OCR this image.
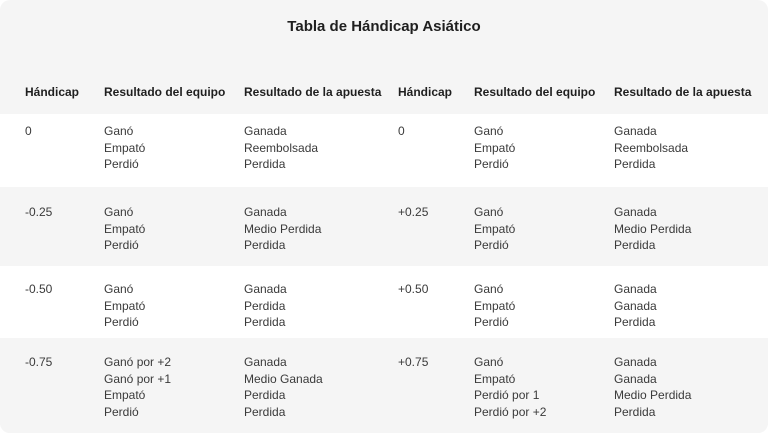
Tabla de Hándicap Asiático
Hándicap	Resultado del equipo	Resultado de la apuesta	Hándicap	Resultado del equipo	Resultado de la apuesta

0	Ganó
Empató
Perdió	Ganada
Reembolsada
Perdida	0	Ganó
Empató
Perdió	Ganada
Reembolsada
Perdida

-0.25	Ganó
Empató
Perdió	Ganada
Medio Perdida
Perdida	+0.25	Ganó
Empató
Perdió	Ganada
Medio Perdida
Perdida

-0.50	Ganó
Empató
Perdió	Ganada
Perdida
Perdida	+0.50	Ganó
Empató
Perdió	Ganada
Ganada
Perdida

-0.75	Ganó por +2
Ganó por +1
Empató
Perdió	Ganada
Medio Ganada
Perdida
Perdida	+0.75	Ganó
Empató
Perdió por 1
Perdió por +2	Ganada
Ganada
Medio Perdida
Perdida
